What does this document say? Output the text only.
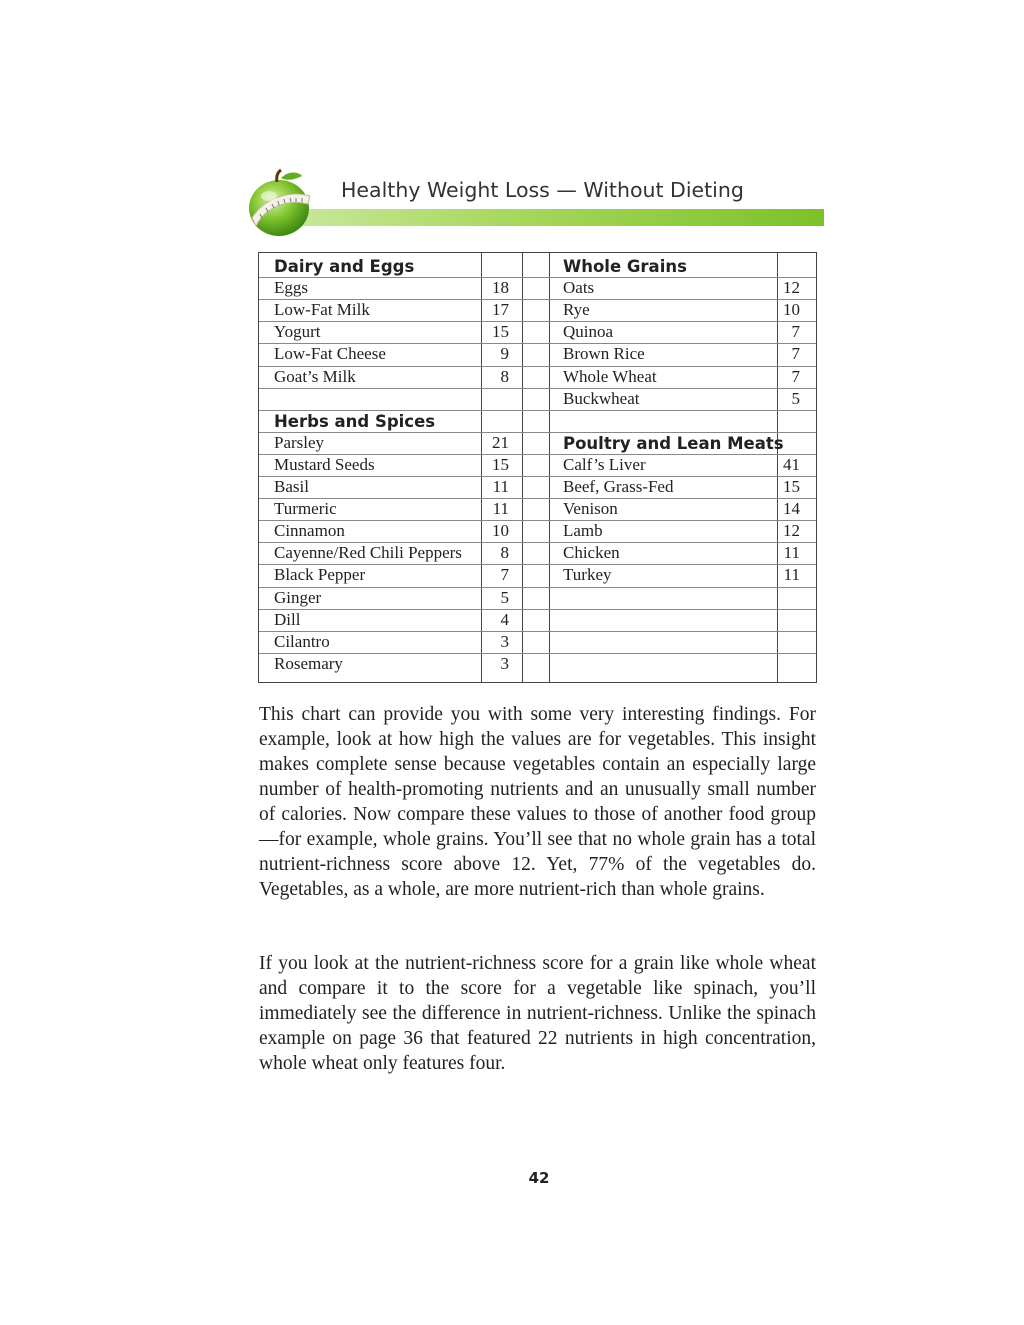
Healthy Weight Loss — Without Dieting
Dairy and Eggs
Eggs	18
Low-Fat Milk	17
Yogurt	15
Low-Fat Cheese	9
Goat’s Milk	8
Herbs and Spices
Parsley	21
Mustard Seeds	15
Basil	11
Turmeric	11
Cinnamon	10
Cayenne/Red Chili Peppers 8
Black Pepper	7
Ginger	5
Dill	4
Cilantro	3
Rosemary	3
Whole Grains
Oats	12
Rye	10
Quinoa	7
Brown Rice	7
Whole Wheat	7
Buckwheat	5
Poultry and Lean Meats
Calf’s Liver	41
Beef, Grass-Fed	15
Venison	14
Lamb	12
Chicken	11
Turkey	11

This chart can provide you with some very interesting findings. For example, look at how high the values are for vegetables. This insight makes complete sense because vegetables contain an especially large number of health-promoting nutrients and an unusually small number of calories. Now compare these values to those of another food group—for example, whole grains. You’ll see that no whole grain has a total nutrient-richness score above 12. Yet, 77% of the vegetables do. Vegetables, as a whole, are more nutrient-rich than whole grains.

If you look at the nutrient-richness score for a grain like whole wheat and compare it to the score for a vegetable like spinach, you’ll immediately see the difference in nutrient-richness. Unlike the spinach example on page 36 that featured 22 nutrients in high concentration, whole wheat only features four.

42
